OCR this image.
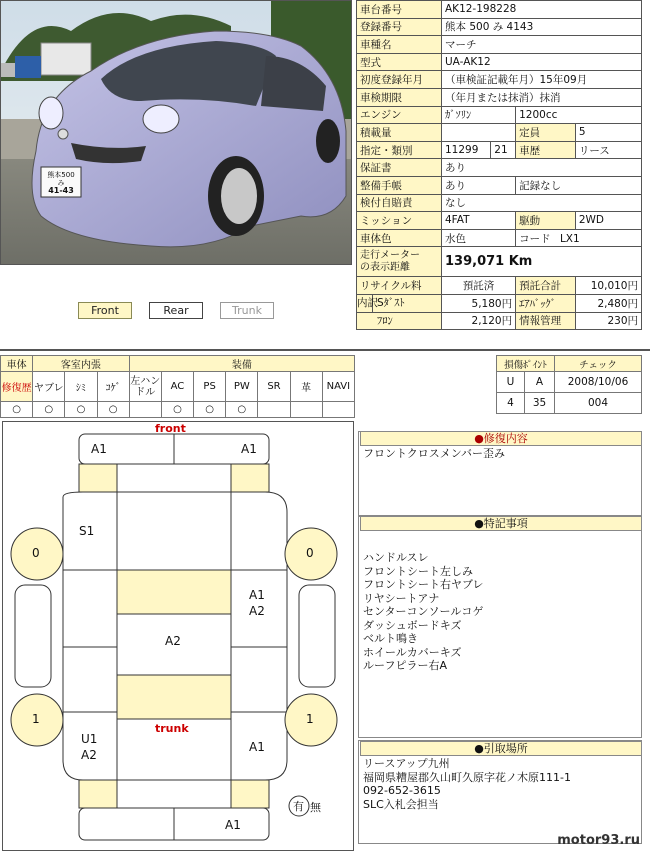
熊本500
み
41-43
Front	Rear	Trunk
車台番号	AK12-198228			
登録番号	熊本 500 み 4143			
車種名	マーチ			
型式	UA-AK12			
初度登録年月	（車検証記載年月）15年09月			
車検期限	（年月または抹消）抹消			
エンジン	ｶﾞｿﾘﾝ		1200cc	
積載量			定員	5
指定・類別	11299	21	車歴	リース
保証書	あり			
整備手帳	あり		記録なし	
検付自賠責	なし			
ミッション	4FAT		駆動	2WD
車体色	水色		コード LX1	

走行メーター
の表示距離	139,071 Km			
リサイクル料	預託済		預託合計	10,010円

内訳 Sﾀﾞｽﾄ	5,180円		ｴｱﾊﾞｯｸﾞ	2,480円
ﾌﾛﾝ	2,120円		情報管理	230円
車体	客室内張			装備						
修復歴	ヤブレ	ｼﾐ	ｺｹﾞ	左ハンドル	AC	PS	PW	SR	革	NAVI
○	○	○	○		○	○	○			
損傷ﾎﾟｲﾝﾄ		チェック
U	A	2008/10/06
4	35	004
front
trunk
A1	A1
S1
A1
A2
A2
U1
A2
A1
A1
0	0
1	1
有 無
●修復内容
フロントクロスメンバー歪み
●特記事項
ハンドルスレ
フロントシート左しみ
フロントシート右ヤブレ
リヤシートアナ
センターコンソールコゲ
ダッシュボードキズ
ベルト鳴き
ホイールカバーキズ
ルーフピラー右A
●引取場所
リースアップ九州
福岡県糟屋郡久山町久原字花ノ木原111-1
092-652-3615
SLC入札会担当
motor93.ru
